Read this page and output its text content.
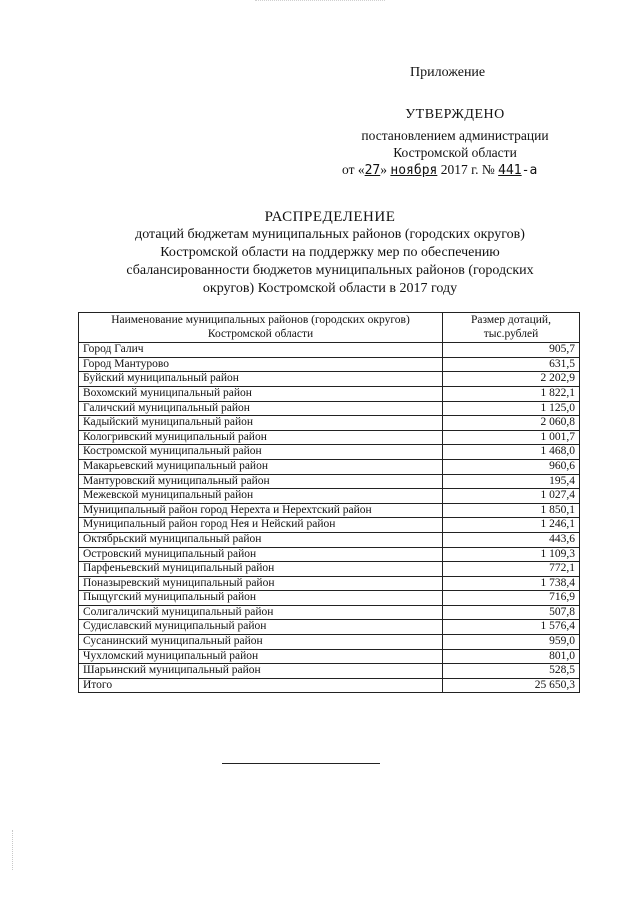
Приложение
УТВЕРЖДЕНО
постановлением администрации
Костромской области
от «27» ноября 2017 г. № 441-а
РАСПРЕДЕЛЕНИЕ
дотаций бюджетам муниципальных районов (городских округов)
Костромской области на поддержку мер по обеспечению
сбалансированности бюджетов муниципальных районов (городских
округов) Костромской области в 2017 году
Наименование муниципальных районов (городских округов) Костромской области	Размер дотаций, тыс.рублей
Город Галич	905,7
Город Мантурово	631,5
Буйский муниципальный район	2 202,9
Вохомский муниципальный район	1 822,1
Галичский муниципальный район	1 125,0
Кадыйский муниципальный район	2 060,8
Кологривский муниципальный район	1 001,7
Костромской муниципальный район	1 468,0
Макарьевский муниципальный район	960,6
Мантуровский муниципальный район	195,4
Межевской муниципальный район	1 027,4
Муниципальный район город Нерехта и Нерехтский район	1 850,1
Муниципальный район город Нея и Нейский район	1 246,1
Октябрьский муниципальный район	443,6
Островский муниципальный район	1 109,3
Парфеньевский муниципальный район	772,1
Поназыревский муниципальный район	1 738,4
Пыщугский муниципальный район	716,9
Солигаличский муниципальный район	507,8
Судиславский муниципальный район	1 576,4
Сусанинский муниципальный район	959,0
Чухломский муниципальный район	801,0
Шарьинский муниципальный район	528,5
Итого	25 650,3
